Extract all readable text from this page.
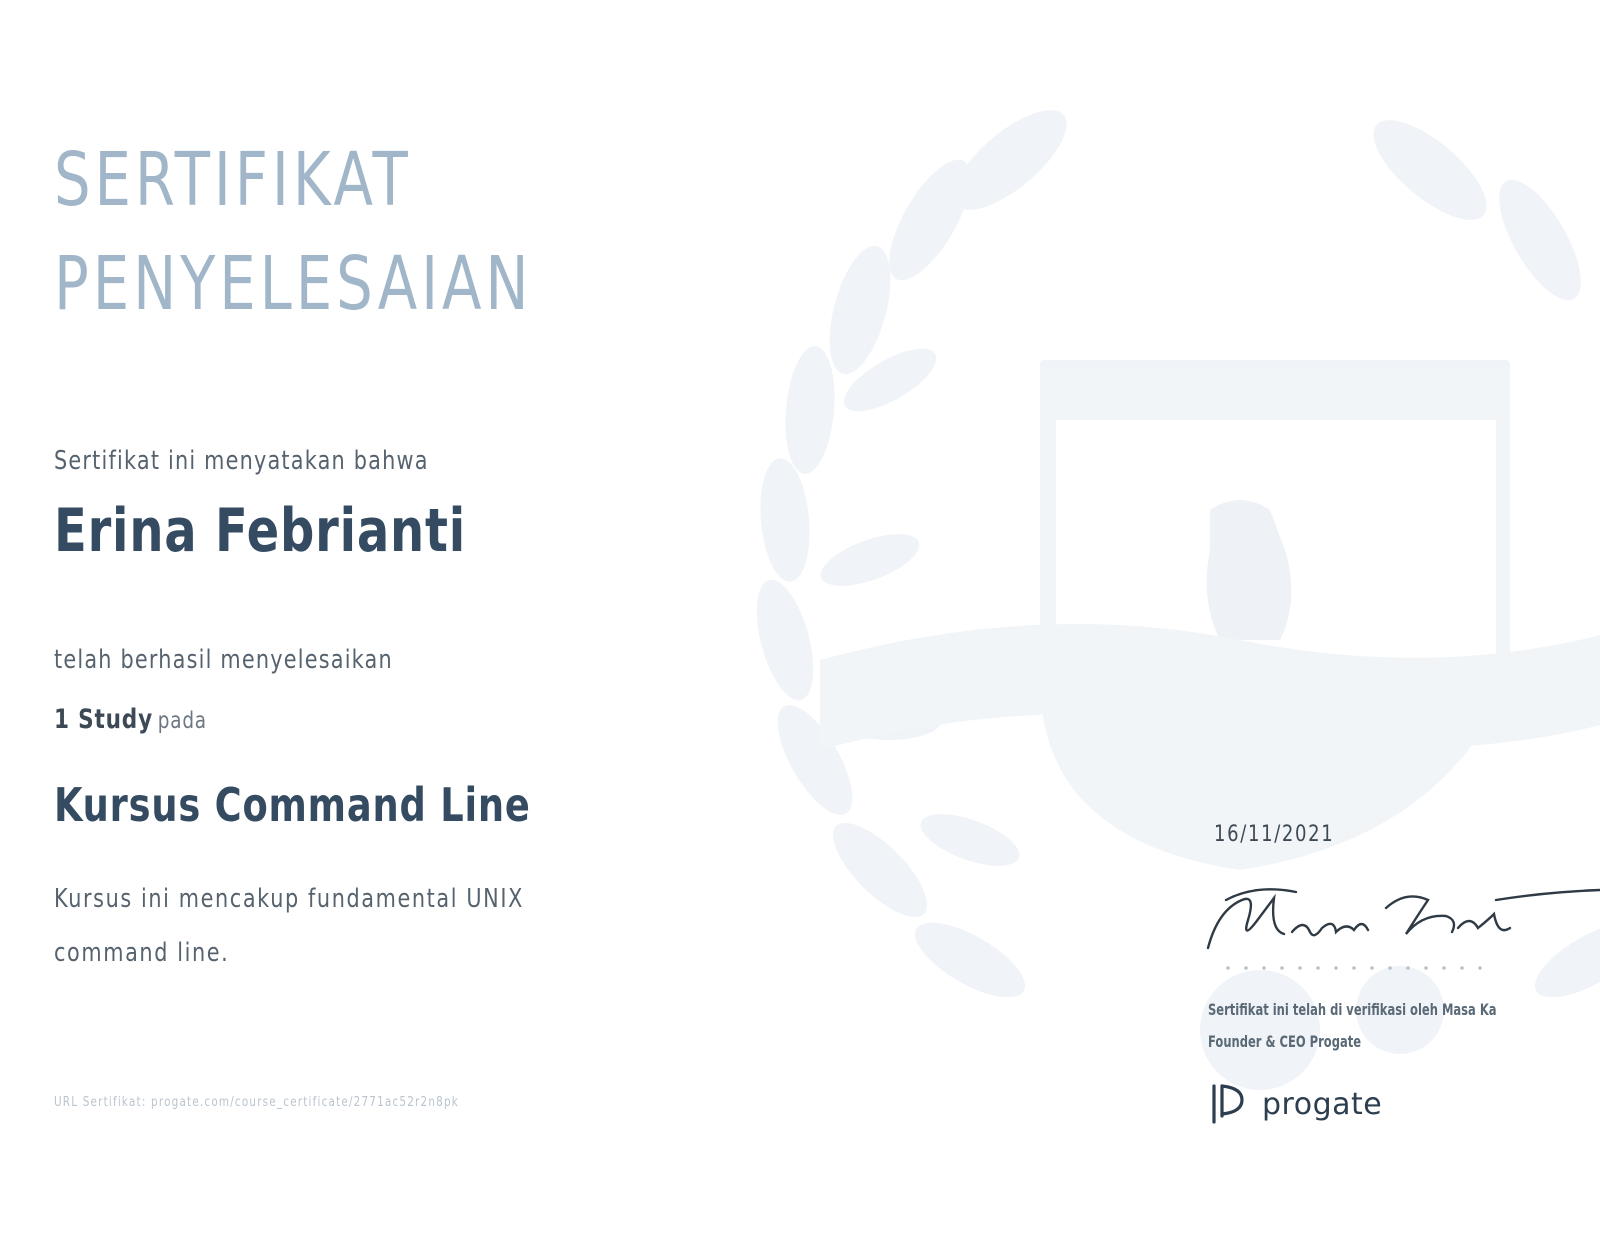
SERTIFIKAT
PENYELESAIAN
Sertifikat ini menyatakan bahwa
Erina Febrianti
telah berhasil menyelesaikan
1 Study pada
Kursus Command Line
Kursus ini mencakup fundamental UNIX command line.
URL Sertifikat: progate.com/course_certificate/2771ac52r2n8pk
16/11/2021
Sertifikat ini telah di verifikasi oleh Masa Ka
Founder & CEO Progate
progate
